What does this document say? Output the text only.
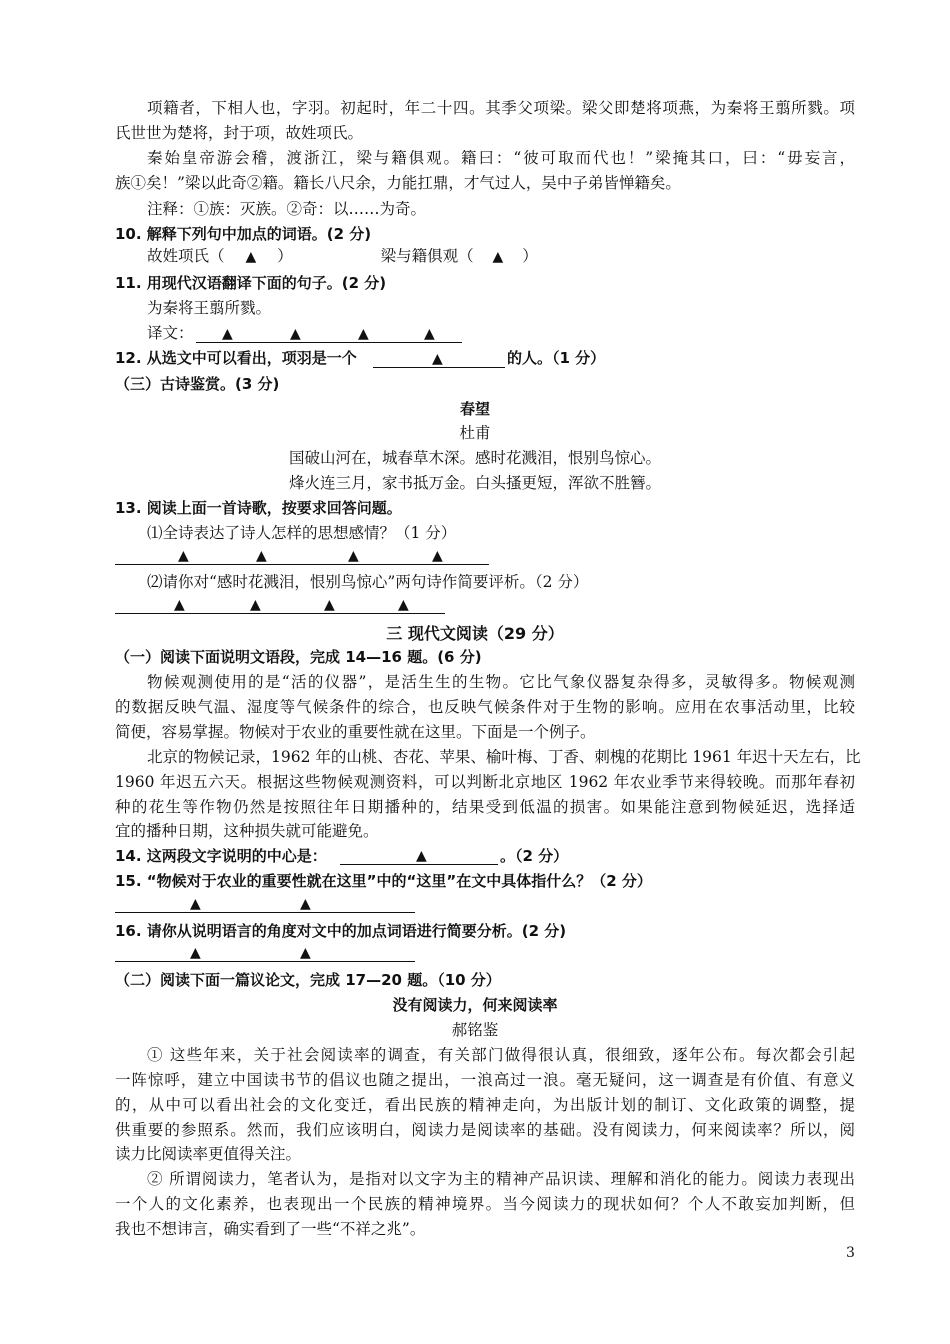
项籍者，下相人也，字羽。初起时，年二十四。其季父项梁。梁父即楚将项燕，为秦将王翦所戮。项
氏世世为楚将，封于项，故姓项氏。
秦始皇帝游会稽，渡浙江，梁与籍俱观。籍曰：“彼可取而代也！”梁掩其口，曰：“毋妄言，
族①矣！”梁以此奇②籍。籍长八尺余，力能扛鼎，才气过人，吴中子弟皆惮籍矣。
注释：①族：灭族。②奇：以……为奇。
10. 解释下列句中加点的词语。(2 分)
故姓项氏（ ▲ ）	梁与籍俱观（ ▲ ）
11. 用现代汉语翻译下面的句子。(2 分)
为秦将王翦所戮。
译文：	▲	▲	▲	▲
12. 从选文中可以看出，项羽是一个	▲	的人。（1 分）
（三）古诗鉴赏。(3 分)
春望
杜甫
国破山河在，城春草木深。感时花溅泪，恨别鸟惊心。
烽火连三月，家书抵万金。白头搔更短，浑欲不胜簪。
13. 阅读上面一首诗歌，按要求回答问题。
⑴全诗表达了诗人怎样的思想感情？（1 分）
▲	▲	▲	▲
⑵请你对“感时花溅泪，恨别鸟惊心”两句诗作简要评析。（2 分）
▲	▲	▲	▲
三 现代文阅读（29 分）
（一）阅读下面说明文语段，完成 14—16 题。(6 分)
物候观测使用的是“活的仪器”，是活生生的生物。它比气象仪器复杂得多，灵敏得多。物候观测
的数据反映气温、湿度等气候条件的综合，也反映气候条件对于生物的影响。应用在农事活动里，比较
简便，容易掌握。物候对于农业的重要性就在这里。下面是一个例子。
北京的物候记录，1962 年的山桃、杏花、苹果、榆叶梅、丁香、刺槐的花期比 1961 年迟十天左右，比
1960 年迟五六天。根据这些物候观测资料，可以判断北京地区 1962 年农业季节来得较晚。而那年春初
种的花生等作物仍然是按照往年日期播种的，结果受到低温的损害。如果能注意到物候延迟，选择适
宜的播种日期，这种损失就可能避免。
14. 这两段文字说明的中心是：	▲	。（2 分）
15. “物候对于农业的重要性就在这里”中的“这里”在文中具体指什么？（2 分）
▲	▲
16. 请你从说明语言的角度对文中的加点词语进行简要分析。(2 分)
▲	▲
（二）阅读下面一篇议论文，完成 17—20 题。（10 分）
没有阅读力，何来阅读率
郝铭鉴
① 这些年来，关于社会阅读率的调查，有关部门做得很认真，很细致，逐年公布。每次都会引起
一阵惊呼，建立中国读书节的倡议也随之提出，一浪高过一浪。毫无疑问，这一调查是有价值、有意义
的，从中可以看出社会的文化变迁，看出民族的精神走向，为出版计划的制订、文化政策的调整，提
供重要的参照系。然而，我们应该明白，阅读力是阅读率的基础。没有阅读力，何来阅读率？所以，阅
读力比阅读率更值得关注。
② 所谓阅读力，笔者认为，是指对以文字为主的精神产品识读、理解和消化的能力。阅读力表现出
一个人的文化素养，也表现出一个民族的精神境界。当今阅读力的现状如何？个人不敢妄加判断，但
我也不想讳言，确实看到了一些“不祥之兆”。
3
